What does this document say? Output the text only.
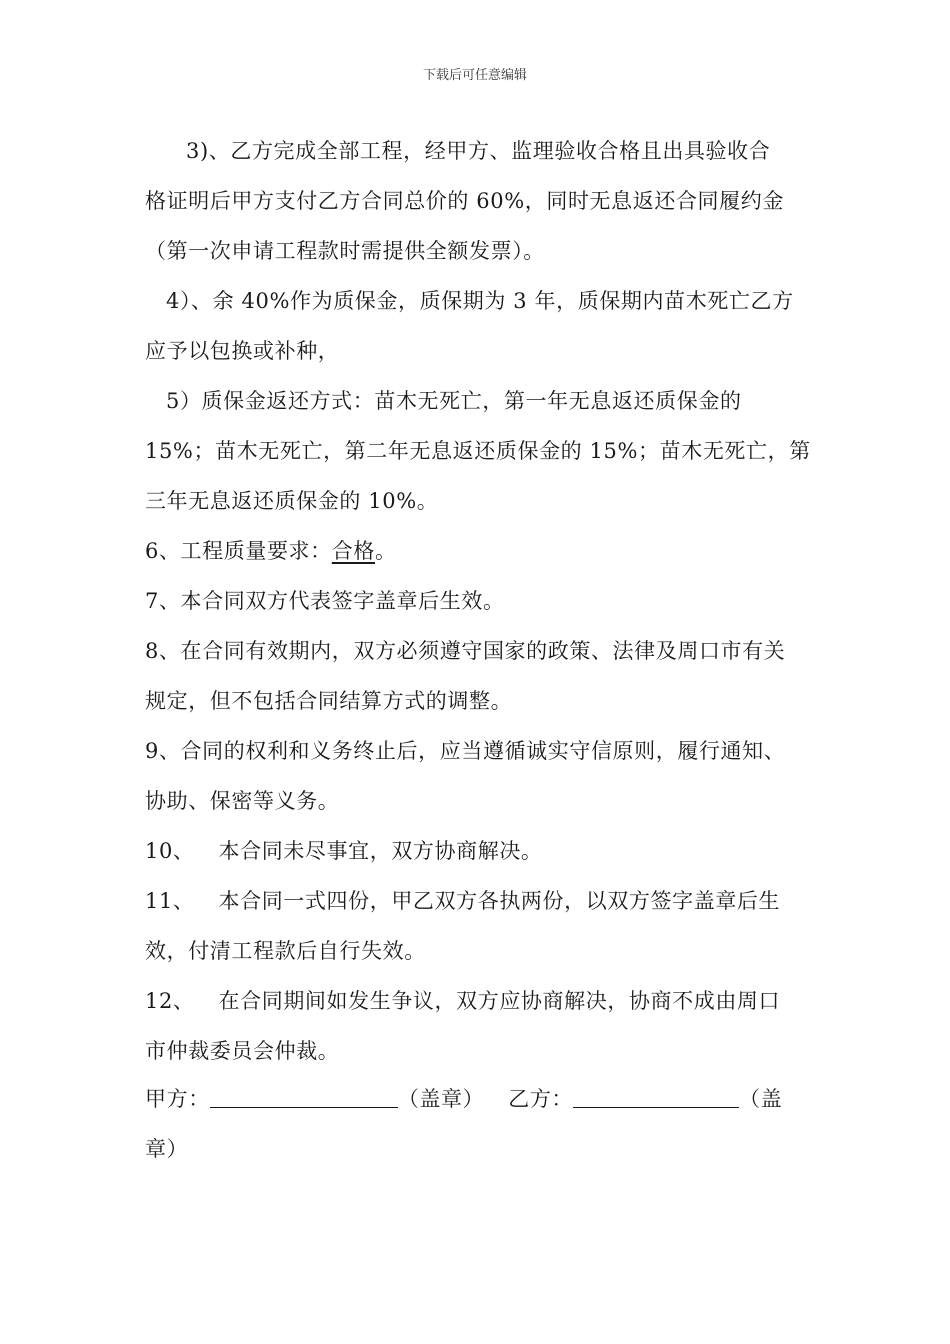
下载后可任意编辑
3)、乙方完成全部工程，经甲方、监理验收合格且出具验收合
格证明后甲方支付乙方合同总价的 60%，同时无息返还合同履约金
（第一次申请工程款时需提供全额发票）。
4）、余 40%作为质保金，质保期为 3 年，质保期内苗木死亡乙方
应予以包换或补种，
5）质保金返还方式：苗木无死亡，第一年无息返还质保金的
15%；苗木无死亡，第二年无息返还质保金的 15%；苗木无死亡，第
三年无息返还质保金的 10%。
6、工程质量要求：合格。
7、本合同双方代表签字盖章后生效。
8、在合同有效期内，双方必须遵守国家的政策、法律及周口市有关
规定，但不包括合同结算方式的调整。
9、合同的权利和义务终止后，应当遵循诚实守信原则，履行通知、
协助、保密等义务。
10、 本合同未尽事宜，双方协商解决。
11、 本合同一式四份，甲乙双方各执两份，以双方签字盖章后生
效，付清工程款后自行失效。
12、 在合同期间如发生争议，双方应协商解决，协商不成由周口
市仲裁委员会仲裁。
甲方：	（盖章） 乙方：	（盖
章）
